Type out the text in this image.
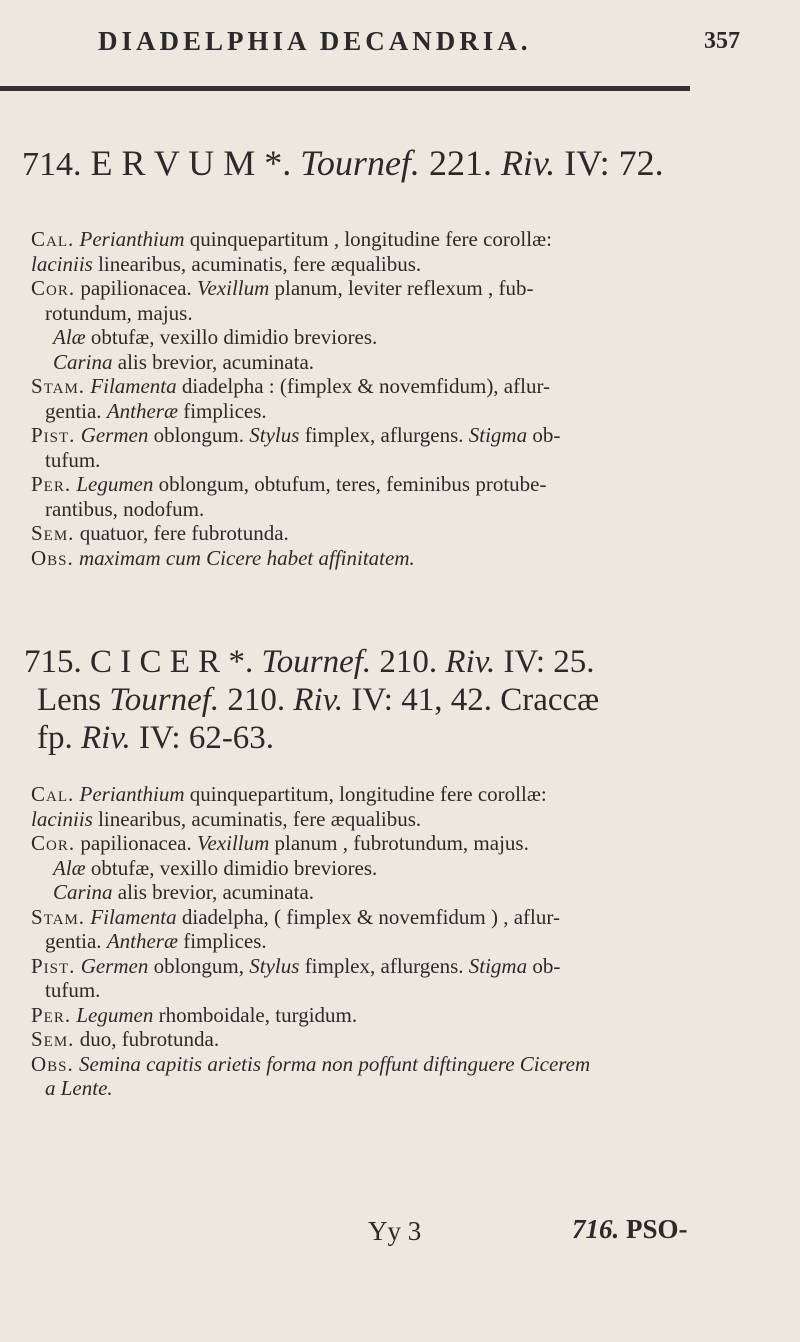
DIADELPHIA DECANDRIA.	357
714. E R V U M *. Tournef. 221. Riv. IV: 72.
Cal. Perianthium quinquepartitum , longitudine fere corollæ:
laciniis linearibus, acuminatis, fere æqualibus.
Cor. papilionacea. Vexillum planum, leviter reflexum , fub-
rotundum, majus.
Alæ obtufæ, vexillo dimidio breviores.
Carina alis brevior, acuminata.
Stam. Filamenta diadelpha : (fimplex & novemfidum), aflur-
gentia. Antheræ fimplices.
Pist. Germen oblongum. Stylus fimplex, aflurgens. Stigma ob-
tufum.
Per. Legumen oblongum, obtufum, teres, feminibus protube-
rantibus, nodofum.
Sem. quatuor, fere fubrotunda.
Obs. maximam cum Cicere habet affinitatem.
715. C I C E R *. Tournef. 210. Riv. IV: 25.
Lens Tournef. 210. Riv. IV: 41, 42. Craccæ
fp. Riv. IV: 62-63.
Cal. Perianthium quinquepartitum, longitudine fere corollæ:
laciniis linearibus, acuminatis, fere æqualibus.
Cor. papilionacea. Vexillum planum , fubrotundum, majus.
Alæ obtufæ, vexillo dimidio breviores.
Carina alis brevior, acuminata.
Stam. Filamenta diadelpha, ( fimplex & novemfidum ) , aflur-
gentia. Antheræ fimplices.
Pist. Germen oblongum, Stylus fimplex, aflurgens. Stigma ob-
tufum.
Per. Legumen rhomboidale, turgidum.
Sem. duo, fubrotunda.
Obs. Semina capitis arietis forma non poffunt diftinguere Cicerem
a Lente.
Yy 3	716. PSO-
